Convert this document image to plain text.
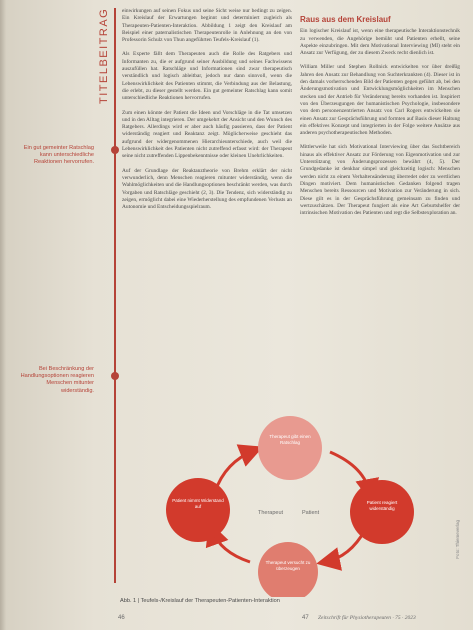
TITELBEITRAG
Ein gut gemeinter Ratschlag kann unterschiedliche Reaktionen hervorrufen.
Bei Beschränkung der Handlungsoptionen reagieren Menschen mitunter widerständig.

einwirkungen auf seinen Fokus und seine Sicht weise nur bedingt zu zeigen. Ein Kreislauf der Erwartungen beginnt und determiniert zugleich als Therapeuten-Patienten-Interaktion. Abbildung 1 zeigt den Kreislauf am Beispiel einer paternalistischen Therapeutenrolle in Anlehnung an den von Professorin Schulz von Thun angeführten Teufels-Kreislauf (1).

Als Experte fällt dem Therapeuten auch die Rolle des Ratgebers und Informanten zu, die er aufgrund seiner Ausbildung und seines Fachwissens auszufüllen hat. Ratschläge und Informationen sind zwar therapeutisch verständlich und logisch ableitbar, jedoch nur dann sinnvoll, wenn die Lebenswirklichkeit des Patienten stimmt, die Verbindung aus der Belastung, die erlebt, zu dieser gestellt werden. Ein gut gemeinter Ratschlag kann somit unterschiedliche Reaktionen hervorrufen.

Zum einen könnte der Patient die Ideen und Vorschläge in die Tat umsetzen und in den Alltag integrieren. Der umgekehrt der Ansicht und den Wunsch des Ratgebers. Allerdings wird er aber auch häufig passieren, dass der Patient widerständig reagiert und Reaktanz zeigt. Möglicherweise geschieht das aufgrund der widergenommenen Hierarchieunterschiede, auch weil die Lebenswirklichkeit des Patienten nicht zutreffend erfasst wird: der Therapeut seine nicht zutreffenden Lippenbekenntnisse oder kleinen Unehrlichkeiten.

Auf der Grundlage der Reaktanztheorie von Brehm erklärt der nicht verwunderlich, denn Menschen reagieren mitunter widerständig, wenn die Wahlmöglichkeiten und die Handlungsoptionen beschränkt werden, was durch Vorgaben und Ratschläge geschieht (2, 3). Die Tendenz, sich widerständig zu zeigen, ermöglicht dabei eine Wiederherstellung des empfundenen Verlusts an Autonomie und Entscheidungsspielraum.

Raus aus dem Kreislauf

Ein logischer Kreislauf ist, wenn eine therapeutische Interaktionstechnik zu verwenden, die Angehörige bemüht und Patienten erhellt, seine Aspekte einzubringen. Mit dem Motivational Interviewing (MI) steht ein Ansatz zur Verfügung, der zu diesem Zweck recht dienlich ist.

William Miller und Stephen Rollnick entwickelten vor über dreißig Jahren den Ansatz zur Behandlung von Suchterkrankten (4). Dieser ist in den damals vorherrschenden Bild der Patienten gegen geführt ab, bei den Änderungsmotivation und Entwicklungsmöglichkeiten im Menschen stecken und der Antrieb für Veränderung bereits vorhanden ist. Inspiriert von den Überzeugungen der humanistischen Psychologie, insbesondere von dem personenzentrierten Ansatz von Carl Rogers entwickelten sie einen Ansatz zur Gesprächsführung und formten auf Basis dieser Haltung ein effektives Konzept und integrierten in der Folge weitere Ansätze aus anderen psychotherapeutischen Methoden.

Mittlerweile hat sich Motivational Interviewing über das Suchtbereich hinaus als effektiver Ansatz zur Förderung von Eigenmotivation und zur Unterstützung von Änderungsprozessen bewährt (4, 5). Der Grundgedanke ist denkbar simpel und gleichzeitig logisch: Menschen werden nicht zu einem Verhaltensänderung überredet oder zu wertlichen Dingen motiviert. Dem humanistischen Gedanken folgend tragen Menschen bereits Ressourcen und Motivation zur Veränderung in sich. Diese gilt es in der Gesprächsführung gemeinsam zu finden und wertzuschätzen. Der Therapeut fungiert als eine Art Geburtshelfer der intrinsischen Motivation des Patienten und regt die Selbstexploration an.

Therapeut gibt einen Ratschlag
Patient reagiert widerständig
Therapeut versucht zu überzeugen
Patient nimmt Widerstand auf
Therapeut	Patient
Foto: Thiemeverlag
Abb. 1 | Teufels-/Kreislauf der Therapeuten-Patienten-Interaktion
46	47 Zeitschrift für Physiotherapeuten · 75 · 2023
